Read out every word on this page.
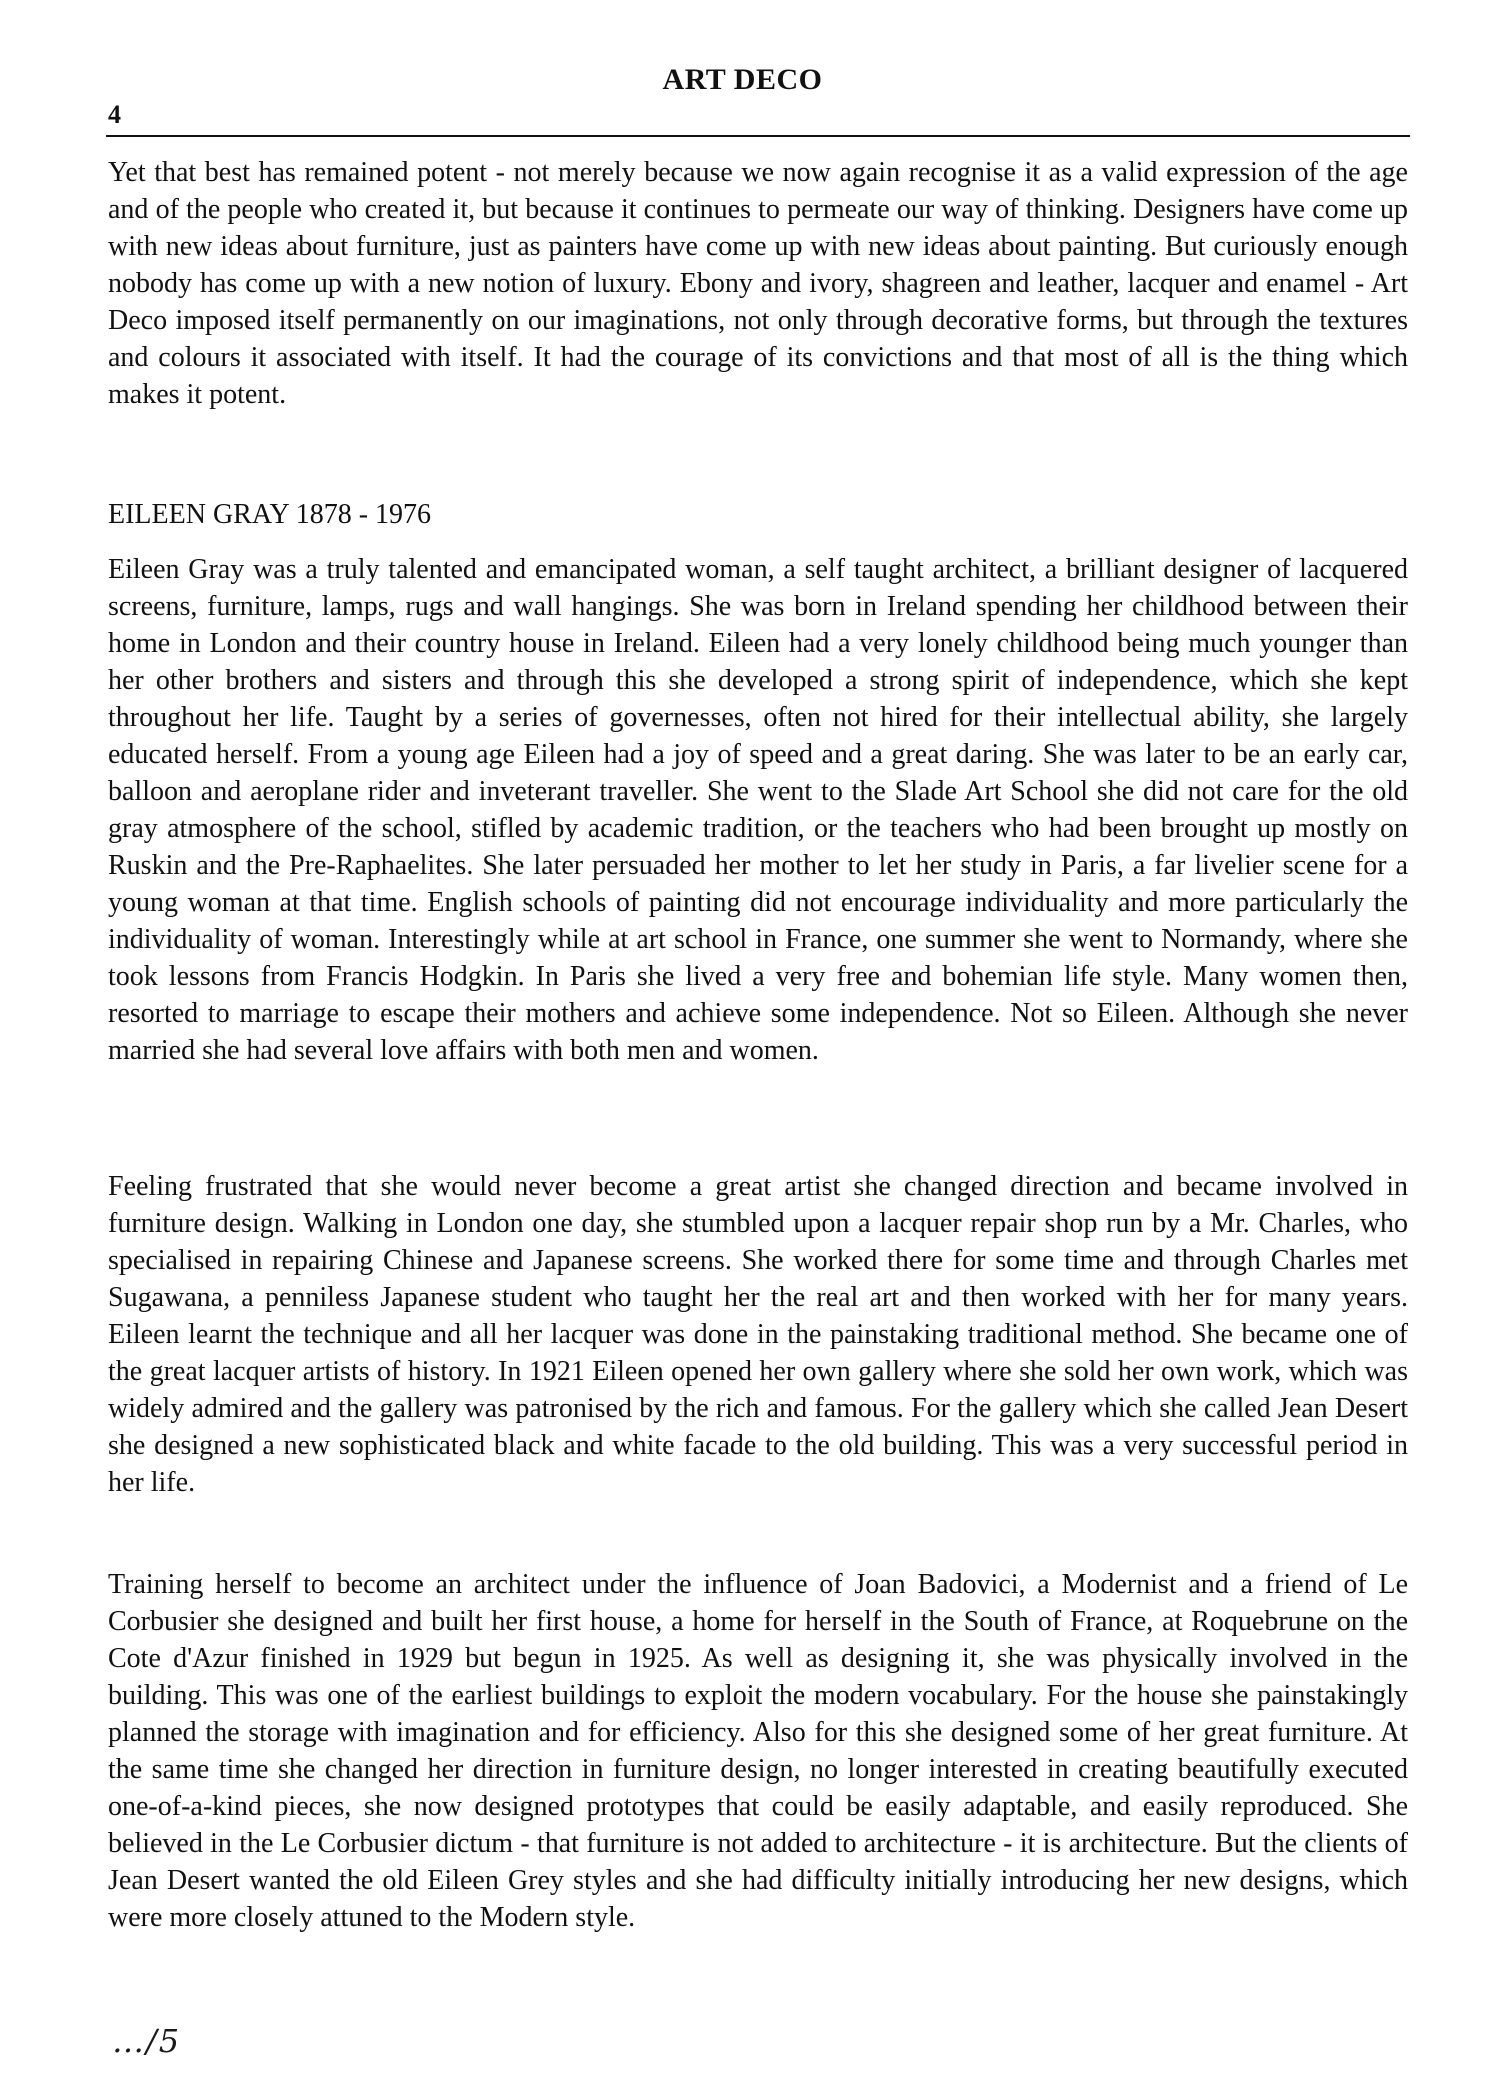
ART DECO
4

Yet that best has remained potent - not merely because we now again recognise it as a valid expression of the age and of the people who created it, but because it continues to permeate our way of thinking. Designers have come up with new ideas about furniture, just as painters have come up with new ideas about painting. But curiously enough nobody has come up with a new notion of luxury. Ebony and ivory, shagreen and leather, lacquer and enamel - Art Deco imposed itself permanently on our imaginations, not only through decorative forms, but through the textures and colours it associated with itself. It had the courage of its convictions and that most of all is the thing which makes it potent.

EILEEN GRAY 1878 - 1976

Eileen Gray was a truly talented and emancipated woman, a self taught architect, a brilliant designer of lacquered screens, furniture, lamps, rugs and wall hangings. She was born in Ireland spending her childhood between their home in London and their country house in Ireland. Eileen had a very lonely childhood being much younger than her other brothers and sisters and through this she developed a strong spirit of independence, which she kept throughout her life. Taught by a series of governesses, often not hired for their intellectual ability, she largely educated herself. From a young age Eileen had a joy of speed and a great daring. She was later to be an early car, balloon and aeroplane rider and inveterant traveller. She went to the Slade Art School she did not care for the old gray atmosphere of the school, stifled by academic tradition, or the teachers who had been brought up mostly on Ruskin and the Pre-Raphaelites. She later persuaded her mother to let her study in Paris, a far livelier scene for a young woman at that time. English schools of painting did not encourage individuality and more particularly the individuality of woman. Interestingly while at art school in France, one summer she went to Normandy, where she took lessons from Francis Hodgkin. In Paris she lived a very free and bohemian life style. Many women then, resorted to marriage to escape their mothers and achieve some independence. Not so Eileen. Although she never married she had several love affairs with both men and women.

Feeling frustrated that she would never become a great artist she changed direction and became involved in furniture design. Walking in London one day, she stumbled upon a lacquer repair shop run by a Mr. Charles, who specialised in repairing Chinese and Japanese screens. She worked there for some time and through Charles met Sugawana, a penniless Japanese student who taught her the real art and then worked with her for many years. Eileen learnt the technique and all her lacquer was done in the painstaking traditional method. She became one of the great lacquer artists of history. In 1921 Eileen opened her own gallery where she sold her own work, which was widely admired and the gallery was patronised by the rich and famous. For the gallery which she called Jean Desert she designed a new sophisticated black and white facade to the old building. This was a very successful period in her life.

Training herself to become an architect under the influence of Joan Badovici, a Modernist and a friend of Le Corbusier she designed and built her first house, a home for herself in the South of France, at Roquebrune on the Cote d'Azur finished in 1929 but begun in 1925. As well as designing it, she was physically involved in the building. This was one of the earliest buildings to exploit the modern vocabulary. For the house she painstakingly planned the storage with imagination and for efficiency. Also for this she designed some of her great furniture. At the same time she changed her direction in furniture design, no longer interested in creating beautifully executed one-of-a-kind pieces, she now designed prototypes that could be easily adaptable, and easily reproduced. She believed in the Le Corbusier dictum - that furniture is not added to architecture - it is architecture. But the clients of Jean Desert wanted the old Eileen Grey styles and she had difficulty initially introducing her new designs, which were more closely attuned to the Modern style.

…/5
